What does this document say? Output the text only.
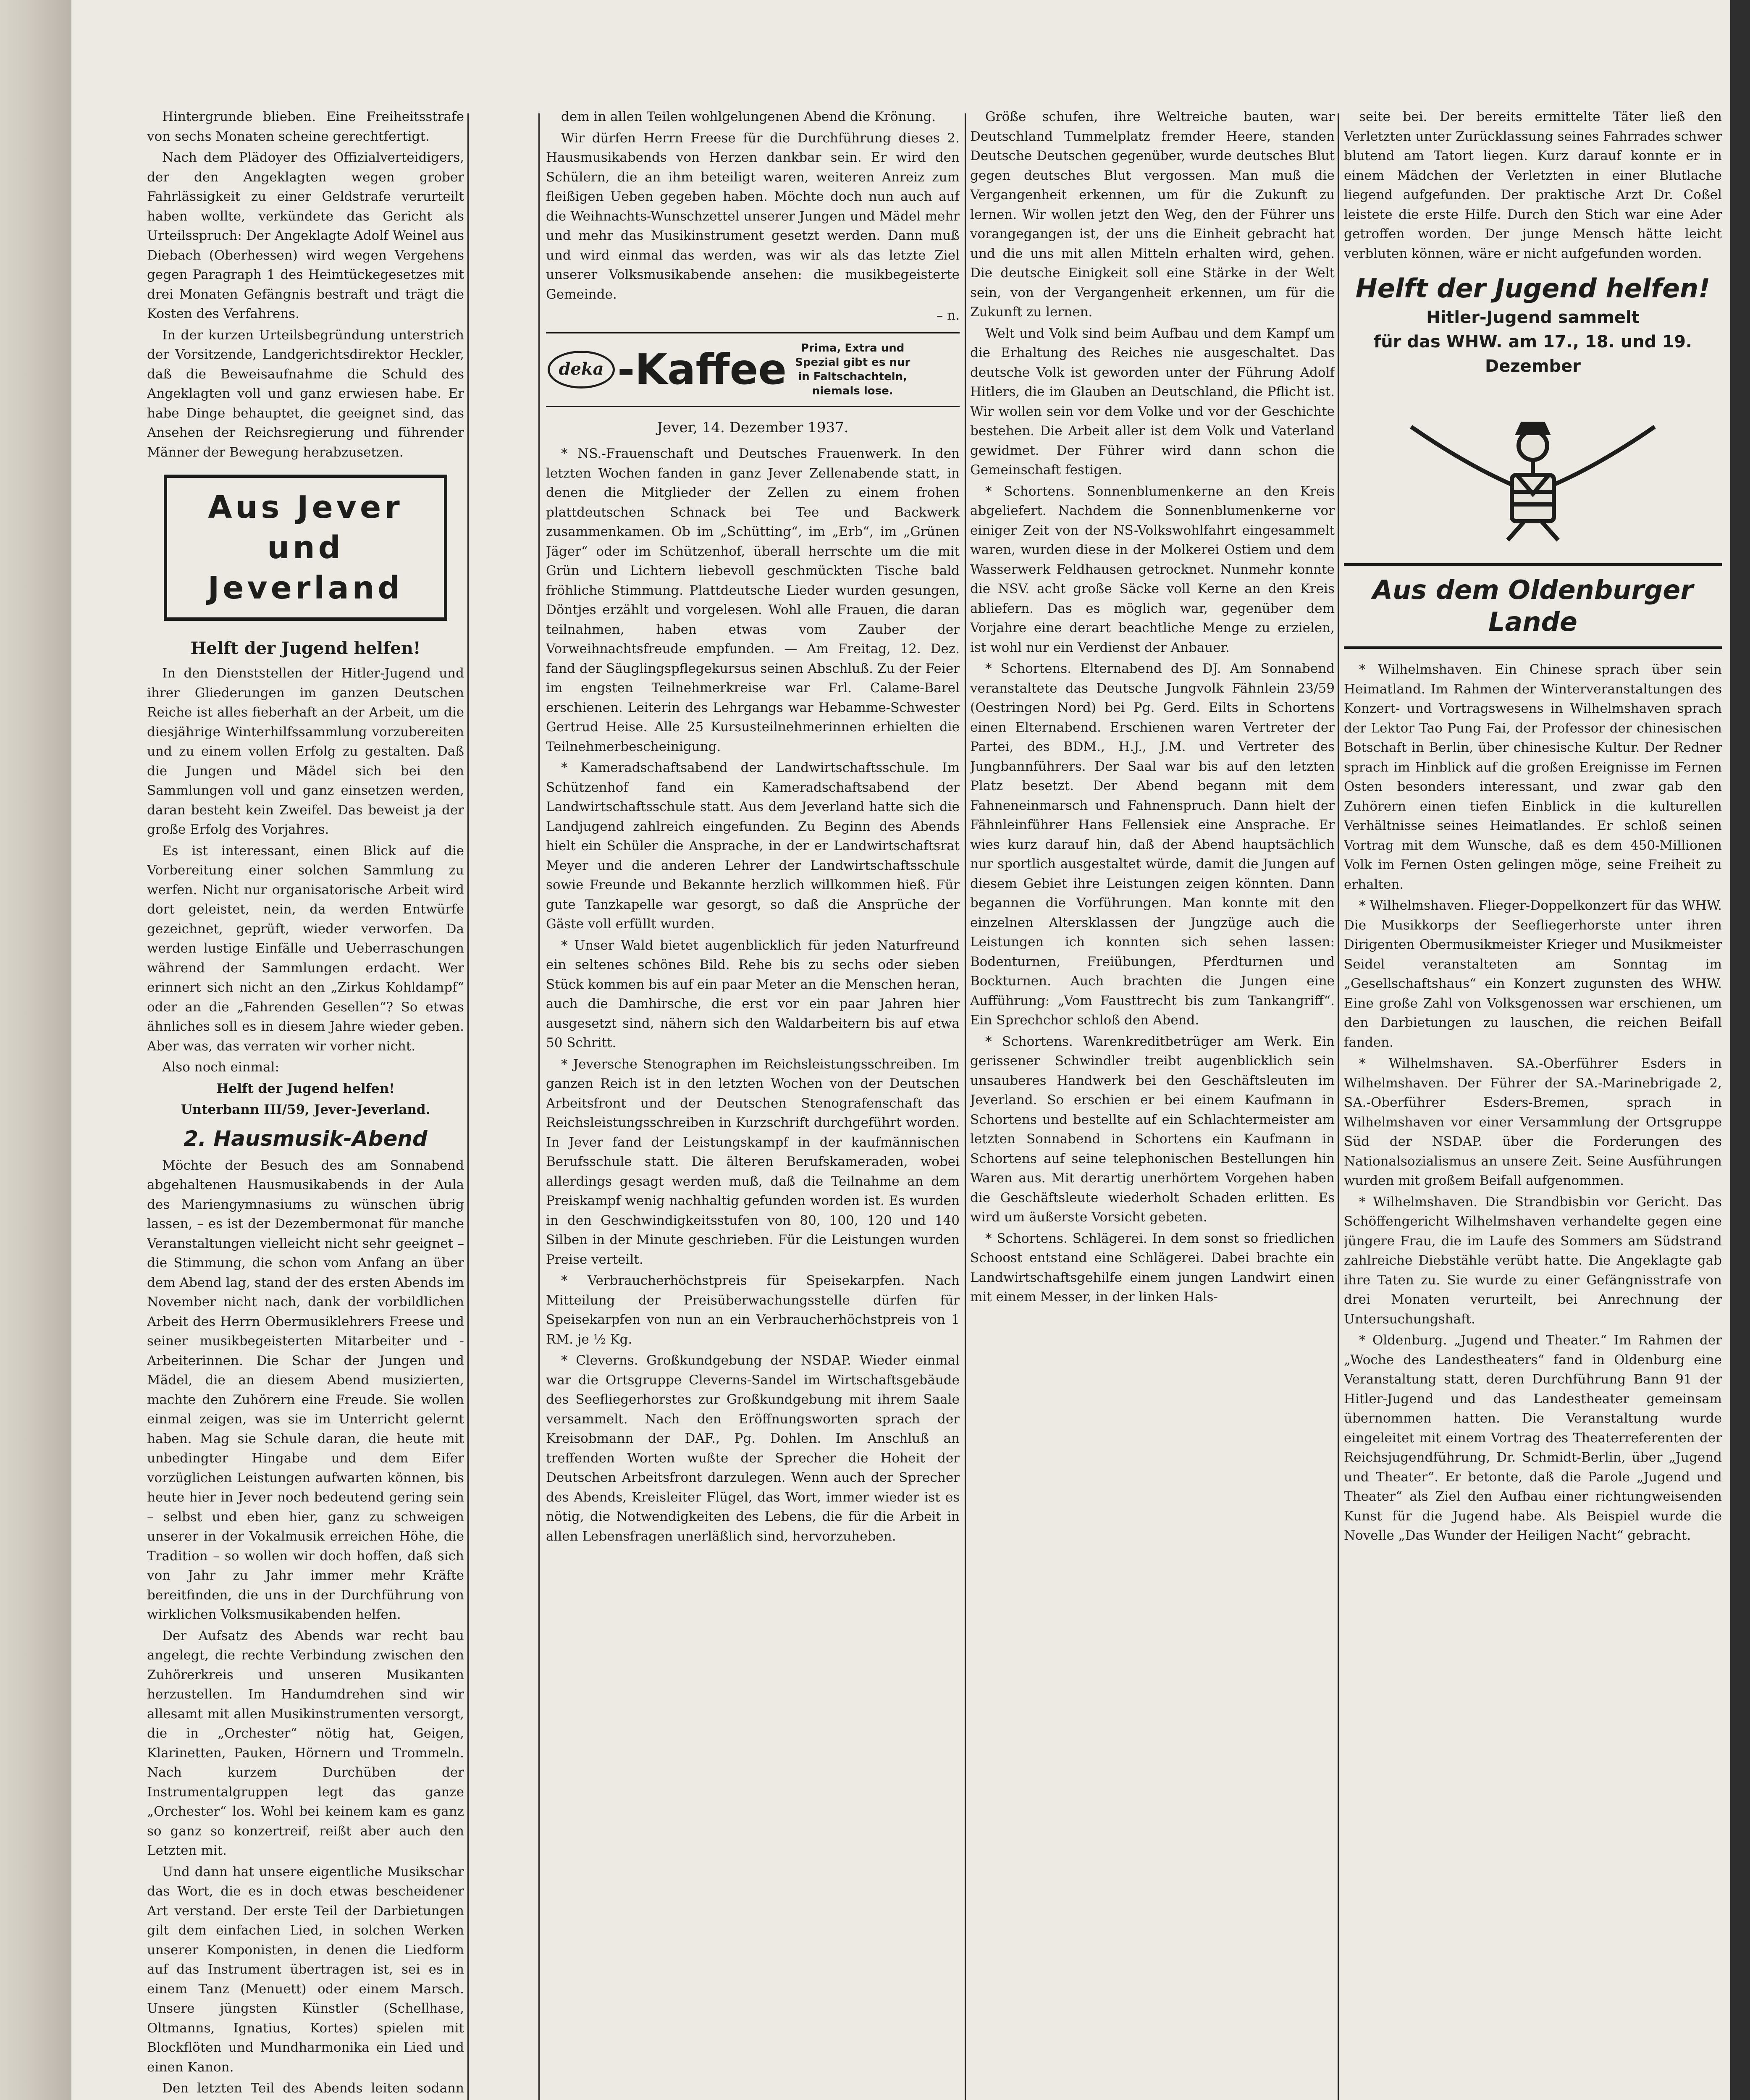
Hintergrunde blieben. Eine Freiheitsstrafe von sechs Monaten scheine gerechtfertigt.

Nach dem Plädoyer des Offizialverteidigers, der den Angeklagten wegen grober Fahrlässigkeit zu einer Geldstrafe verurteilt haben wollte, verkündete das Gericht als Urteilsspruch: Der Angeklagte Adolf Weinel aus Diebach (Oberhessen) wird wegen Vergehens gegen Paragraph 1 des Heimtückegesetzes mit drei Monaten Gefängnis bestraft und trägt die Kosten des Verfahrens.

In der kurzen Urteilsbegründung unterstrich der Vorsitzende, Landgerichtsdirektor Heckler, daß die Beweisaufnahme die Schuld des Angeklagten voll und ganz erwiesen habe. Er habe Dinge behauptet, die geeignet sind, das Ansehen der Reichsregierung und führender Männer der Bewegung herabzusetzen.

Aus Jever und Jeverland
Helft der Jugend helfen!

In den Dienststellen der Hitler-Jugend und ihrer Gliederungen im ganzen Deutschen Reiche ist alles fieberhaft an der Arbeit, um die diesjährige Winterhilfssammlung vorzubereiten und zu einem vollen Erfolg zu gestalten. Daß die Jungen und Mädel sich bei den Sammlungen voll und ganz einsetzen werden, daran besteht kein Zweifel. Das beweist ja der große Erfolg des Vorjahres.

Es ist interessant, einen Blick auf die Vorbereitung einer solchen Sammlung zu werfen. Nicht nur organisatorische Arbeit wird dort geleistet, nein, da werden Entwürfe gezeichnet, geprüft, wieder verworfen. Da werden lustige Einfälle und Ueberraschungen während der Sammlungen erdacht. Wer erinnert sich nicht an den „Zirkus Kohldampf“ oder an die „Fahrenden Gesellen“? So etwas ähnliches soll es in diesem Jahre wieder geben. Aber was, das verraten wir vorher nicht.

Also noch einmal:

Helft der Jugend helfen!

Unterbann III/59, Jever-Jeverland.

2. Hausmusik-Abend

Möchte der Besuch des am Sonnabend abgehaltenen Hausmusikabends in der Aula des Mariengymnasiums zu wünschen übrig lassen, – es ist der Dezembermonat für manche Veranstaltungen vielleicht nicht sehr geeignet – die Stimmung, die schon vom Anfang an über dem Abend lag, stand der des ersten Abends im November nicht nach, dank der vorbildlichen Arbeit des Herrn Obermusiklehrers Freese und seiner musikbegeisterten Mitarbeiter und -Arbeiterinnen. Die Schar der Jungen und Mädel, die an diesem Abend musizierten, machte den Zuhörern eine Freude. Sie wollen einmal zeigen, was sie im Unterricht gelernt haben. Mag sie Schule daran, die heute mit unbedingter Hingabe und dem Eifer vorzüglichen Leistungen aufwarten können, bis heute hier in Jever noch bedeutend gering sein – selbst und eben hier, ganz zu schweigen unserer in der Vokalmusik erreichen Höhe, die Tradition – so wollen wir doch hoffen, daß sich von Jahr zu Jahr immer mehr Kräfte bereitfinden, die uns in der Durchführung von wirklichen Volksmusikabenden helfen.

Der Aufsatz des Abends war recht bau angelegt, die rechte Verbindung zwischen den Zuhörerkreis und unseren Musikanten herzustellen. Im Handumdrehen sind wir allesamt mit allen Musikinstrumenten versorgt, die in „Orchester“ nötig hat, Geigen, Klarinetten, Pauken, Hörnern und Trommeln. Nach kurzem Durchüben der Instrumentalgruppen legt das ganze „Orchester“ los. Wohl bei keinem kam es ganz so ganz so konzertreif, reißt aber auch den Letzten mit.

Und dann hat unsere eigentliche Musikschar das Wort, die es in doch etwas bescheidener Art verstand. Der erste Teil der Darbietungen gilt dem einfachen Lied, in solchen Werken unserer Komponisten, in denen die Liedform auf das Instrument übertragen ist, sei es in einem Tanz (Menuett) oder einem Marsch. Unsere jüngsten Künstler (Schellhase, Oltmanns, Ignatius, Kortes) spielen mit Blockflöten und Mundharmonika ein Lied und einen Kanon.

Den letzten Teil des Abends leiten sodann

dem in allen Teilen wohlgelungenen Abend die Krönung.

Wir dürfen Herrn Freese für die Durchführung dieses 2. Hausmusikabends von Herzen dankbar sein. Er wird den Schülern, die an ihm beteiligt waren, weiteren Anreiz zum fleißigen Ueben gegeben haben. Möchte doch nun auch auf die Weihnachts-Wunschzettel unserer Jungen und Mädel mehr und mehr das Musikinstrument gesetzt werden. Dann muß und wird einmal das werden, was wir als das letzte Ziel unserer Volksmusikabende ansehen: die musikbegeisterte Gemeinde.

– n.

deka -Kaffee	Prima, Extra und
Spezial gibt es nur
in Faltschachteln,
niemals lose.
Jever, 14. Dezember 1937.

* NS.-Frauenschaft und Deutsches Frauenwerk. In den letzten Wochen fanden in ganz Jever Zellenabende statt, in denen die Mitglieder der Zellen zu einem frohen plattdeutschen Schnack bei Tee und Backwerk zusammenkamen. Ob im „Schütting“, im „Erb“, im „Grünen Jäger“ oder im Schützenhof, überall herrschte um die mit Grün und Lichtern liebevoll geschmückten Tische bald fröhliche Stimmung. Plattdeutsche Lieder wurden gesungen, Döntjes erzählt und vorgelesen. Wohl alle Frauen, die daran teilnahmen, haben etwas vom Zauber der Vorweihnachtsfreude empfunden. — Am Freitag, 12. Dez. fand der Säuglingspflegekursus seinen Abschluß. Zu der Feier im engsten Teilnehmerkreise war Frl. Calame-Barel erschienen. Leiterin des Lehrgangs war Hebamme-Schwester Gertrud Heise. Alle 25 Kursusteilnehmerinnen erhielten die Teilnehmerbescheinigung.

* Kameradschaftsabend der Landwirtschaftsschule. Im Schützenhof fand ein Kameradschaftsabend der Landwirtschaftsschule statt. Aus dem Jeverland hatte sich die Landjugend zahlreich eingefunden. Zu Beginn des Abends hielt ein Schüler die Ansprache, in der er Landwirtschaftsrat Meyer und die anderen Lehrer der Landwirtschaftsschule sowie Freunde und Bekannte herzlich willkommen hieß. Für gute Tanzkapelle war gesorgt, so daß die Ansprüche der Gäste voll erfüllt wurden.

* Unser Wald bietet augenblicklich für jeden Naturfreund ein seltenes schönes Bild. Rehe bis zu sechs oder sieben Stück kommen bis auf ein paar Meter an die Menschen heran, auch die Damhirsche, die erst vor ein paar Jahren hier ausgesetzt sind, nähern sich den Waldarbeitern bis auf etwa 50 Schritt.

* Jeversche Stenographen im Reichsleistungsschreiben. Im ganzen Reich ist in den letzten Wochen von der Deutschen Arbeitsfront und der Deutschen Stenografenschaft das Reichsleistungsschreiben in Kurzschrift durchgeführt worden. In Jever fand der Leistungskampf in der kaufmännischen Berufsschule statt. Die älteren Berufskameraden, wobei allerdings gesagt werden muß, daß die Teilnahme an dem Preiskampf wenig nachhaltig gefunden worden ist. Es wurden in den Geschwindigkeitsstufen von 80, 100, 120 und 140 Silben in der Minute geschrieben. Für die Leistungen wurden Preise verteilt.

* Verbraucherhöchstpreis für Speisekarpfen. Nach Mitteilung der Preisüberwachungsstelle dürfen für Speisekarpfen von nun an ein Verbraucherhöchstpreis von 1 RM. je ½ Kg.

* Cleverns. Großkundgebung der NSDAP. Wieder einmal war die Ortsgruppe Cleverns-Sandel im Wirtschaftsgebäude des Seefliegerhorstes zur Großkundgebung mit ihrem Saale versammelt. Nach den Eröffnungsworten sprach der Kreisobmann der DAF., Pg. Dohlen. Im Anschluß an treffenden Worten wußte der Sprecher die Hoheit der Deutschen Arbeitsfront darzulegen. Wenn auch der Sprecher des Abends, Kreisleiter Flügel, das Wort, immer wieder ist es nötig, die Notwendigkeiten des Lebens, die für die Arbeit in allen Lebensfragen unerläßlich sind, hervorzuheben.

Größe schufen, ihre Weltreiche bauten, war Deutschland Tummelplatz fremder Heere, standen Deutsche Deutschen gegenüber, wurde deutsches Blut gegen deutsches Blut vergossen. Man muß die Vergangenheit erkennen, um für die Zukunft zu lernen. Wir wollen jetzt den Weg, den der Führer uns vorangegangen ist, der uns die Einheit gebracht hat und die uns mit allen Mitteln erhalten wird, gehen. Die deutsche Einigkeit soll eine Stärke in der Welt sein, von der Vergangenheit erkennen, um für die Zukunft zu lernen.

Welt und Volk sind beim Aufbau und dem Kampf um die Erhaltung des Reiches nie ausgeschaltet. Das deutsche Volk ist geworden unter der Führung Adolf Hitlers, die im Glauben an Deutschland, die Pflicht ist. Wir wollen sein vor dem Volke und vor der Geschichte bestehen. Die Arbeit aller ist dem Volk und Vaterland gewidmet. Der Führer wird dann schon die Gemeinschaft festigen.

* Schortens. Sonnenblumenkerne an den Kreis abgeliefert. Nachdem die Sonnenblumenkerne vor einiger Zeit von der NS-Volkswohlfahrt eingesammelt waren, wurden diese in der Molkerei Ostiem und dem Wasserwerk Feldhausen getrocknet. Nunmehr konnte die NSV. acht große Säcke voll Kerne an den Kreis abliefern. Das es möglich war, gegenüber dem Vorjahre eine derart beachtliche Menge zu erzielen, ist wohl nur ein Verdienst der Anbauer.

* Schortens. Elternabend des DJ. Am Sonnabend veranstaltete das Deutsche Jungvolk Fähnlein 23/59 (Oestringen Nord) bei Pg. Gerd. Eilts in Schortens einen Elternabend. Erschienen waren Vertreter der Partei, des BDM., H.J., J.M. und Vertreter des Jungbannführers. Der Saal war bis auf den letzten Platz besetzt. Der Abend begann mit dem Fahneneinmarsch und Fahnenspruch. Dann hielt der Fähnleinführer Hans Fellensiek eine Ansprache. Er wies kurz darauf hin, daß der Abend hauptsächlich nur sportlich ausgestaltet würde, damit die Jungen auf diesem Gebiet ihre Leistungen zeigen könnten. Dann begannen die Vorführungen. Man konnte mit den einzelnen Altersklassen der Jungzüge auch die Leistungen ich konnten sich sehen lassen: Bodenturnen, Freiübungen, Pferdturnen und Bockturnen. Auch brachten die Jungen eine Aufführung: „Vom Fausttrecht bis zum Tankangriff“. Ein Sprechchor schloß den Abend.

* Schortens. Warenkreditbetrüger am Werk. Ein gerissener Schwindler treibt augenblicklich sein unsauberes Handwerk bei den Geschäftsleuten im Jeverland. So erschien er bei einem Kaufmann in Schortens und bestellte auf ein Schlachtermeister am letzten Sonnabend in Schortens ein Kaufmann in Schortens auf seine telephonischen Bestellungen hin Waren aus. Mit derartig unerhörtem Vorgehen haben die Geschäftsleute wiederholt Schaden erlitten. Es wird um äußerste Vorsicht gebeten.

* Schortens. Schlägerei. In dem sonst so friedlichen Schoost entstand eine Schlägerei. Dabei brachte ein Landwirtschaftsgehilfe einem jungen Landwirt einen mit einem Messer, in der linken Hals-

seite bei. Der bereits ermittelte Täter ließ den Verletzten unter Zurücklassung seines Fahrrades schwer blutend am Tatort liegen. Kurz darauf konnte er in einem Mädchen der Verletzten in einer Blutlache liegend aufgefunden. Der praktische Arzt Dr. Coßel leistete die erste Hilfe. Durch den Stich war eine Ader getroffen worden. Der junge Mensch hätte leicht verbluten können, wäre er nicht aufgefunden worden.

Helft der Jugend helfen!
Hitler-Jugend sammelt
für das WHW. am 17., 18. und 19. Dezember
Aus dem Oldenburger Lande

* Wilhelmshaven. Ein Chinese sprach über sein Heimatland. Im Rahmen der Winterveranstaltungen des Konzert- und Vortragswesens in Wilhelmshaven sprach der Lektor Tao Pung Fai, der Professor der chinesischen Botschaft in Berlin, über chinesische Kultur. Der Redner sprach im Hinblick auf die großen Ereignisse im Fernen Osten besonders interessant, und zwar gab den Zuhörern einen tiefen Einblick in die kulturellen Verhältnisse seines Heimatlandes. Er schloß seinen Vortrag mit dem Wunsche, daß es dem 450-Millionen Volk im Fernen Osten gelingen möge, seine Freiheit zu erhalten.

* Wilhelmshaven. Flieger-Doppelkonzert für das WHW. Die Musikkorps der Seefliegerhorste unter ihren Dirigenten Obermusikmeister Krieger und Musikmeister Seidel veranstalteten am Sonntag im „Gesellschaftshaus“ ein Konzert zugunsten des WHW. Eine große Zahl von Volksgenossen war erschienen, um den Darbietungen zu lauschen, die reichen Beifall fanden.

* Wilhelmshaven. SA.-Oberführer Esders in Wilhelmshaven. Der Führer der SA.-Marinebrigade 2, SA.-Oberführer Esders-Bremen, sprach in Wilhelmshaven vor einer Versammlung der Ortsgruppe Süd der NSDAP. über die Forderungen des Nationalsozialismus an unsere Zeit. Seine Ausführungen wurden mit großem Beifall aufgenommen.

* Wilhelmshaven. Die Strandbisbin vor Gericht. Das Schöffengericht Wilhelmshaven verhandelte gegen eine jüngere Frau, die im Laufe des Sommers am Südstrand zahlreiche Diebstähle verübt hatte. Die Angeklagte gab ihre Taten zu. Sie wurde zu einer Gefängnisstrafe von drei Monaten verurteilt, bei Anrechnung der Untersuchungshaft.

* Oldenburg. „Jugend und Theater.“ Im Rahmen der „Woche des Landestheaters“ fand in Oldenburg eine Veranstaltung statt, deren Durchführung Bann 91 der Hitler-Jugend und das Landestheater gemeinsam übernommen hatten. Die Veranstaltung wurde eingeleitet mit einem Vortrag des Theaterreferenten der Reichsjugendführung, Dr. Schmidt-Berlin, über „Jugend und Theater“. Er betonte, daß die Parole „Jugend und Theater“ als Ziel den Aufbau einer richtungweisenden Kunst für die Jugend habe. Als Beispiel wurde die Novelle „Das Wunder der Heiligen Nacht“ gebracht.
